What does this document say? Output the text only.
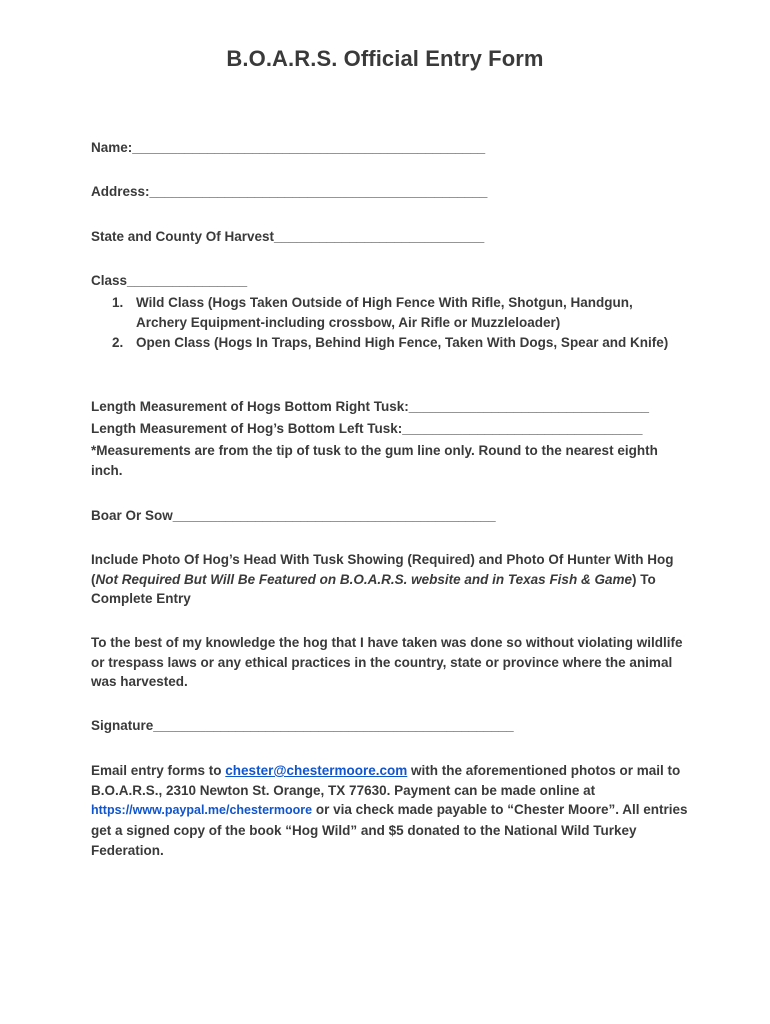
B.O.A.R.S. Official Entry Form
Name:_______________________________________________
Address:_____________________________________________
State and County Of Harvest____________________________
Class________________
1. Wild Class (Hogs Taken Outside of High Fence With Rifle, Shotgun, Handgun, Archery Equipment-including crossbow, Air Rifle or Muzzleloader)
2. Open Class (Hogs In Traps, Behind High Fence, Taken With Dogs, Spear and Knife)
Length Measurement of Hogs Bottom Right Tusk:________________________________
Length Measurement of Hog’s Bottom Left Tusk:________________________________
*Measurements are from the tip of tusk to the gum line only. Round to the nearest eighth inch.
Boar Or Sow___________________________________________
Include Photo Of Hog’s Head With Tusk Showing (Required) and Photo Of Hunter With Hog (Not Required But Will Be Featured on B.O.A.R.S. website and in Texas Fish & Game) To Complete Entry
To the best of my knowledge the hog that I have taken was done so without violating wildlife or trespass laws or any ethical practices in the country, state or province where the animal was harvested.
Signature________________________________________________
Email entry forms to chester@chestermoore.com with the aforementioned photos or mail to B.O.A.R.S., 2310 Newton St. Orange, TX 77630. Payment can be made online at https://www.paypal.me/chestermoore or via check made payable to “Chester Moore”. All entries get a signed copy of the book “Hog Wild” and $5 donated to the National Wild Turkey Federation.
